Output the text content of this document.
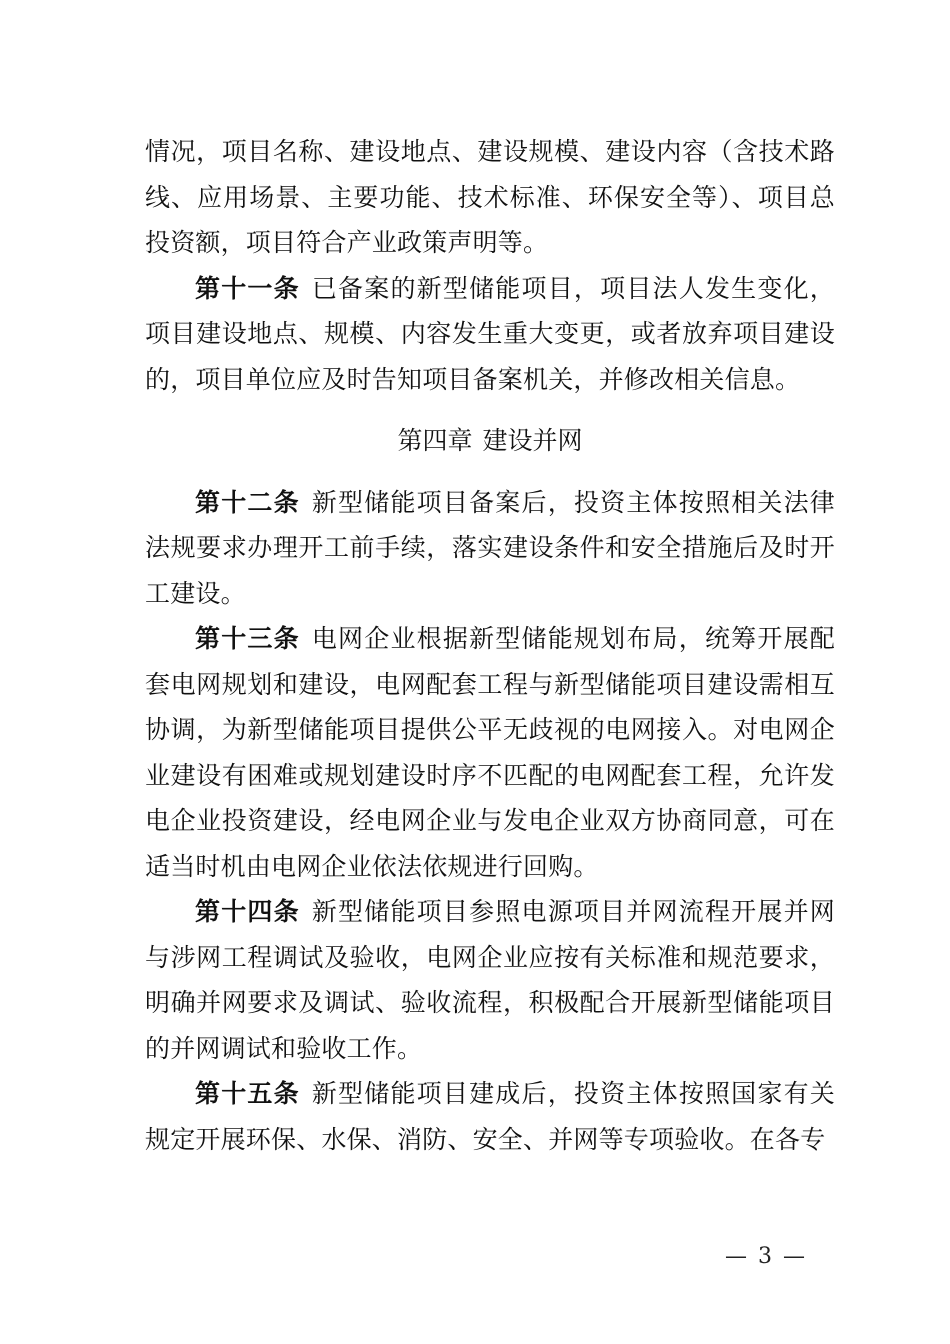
情况，项目名称、建设地点、建设规模、建设内容（含技术路线、应用场景、主要功能、技术标准、环保安全等）、项目总投资额，项目符合产业政策声明等。

第十一条 已备案的新型储能项目，项目法人发生变化，项目建设地点、规模、内容发生重大变更，或者放弃项目建设的，项目单位应及时告知项目备案机关，并修改相关信息。

第四章 建设并网

第十二条 新型储能项目备案后，投资主体按照相关法律法规要求办理开工前手续，落实建设条件和安全措施后及时开工建设。

第十三条 电网企业根据新型储能规划布局，统筹开展配套电网规划和建设，电网配套工程与新型储能项目建设需相互协调，为新型储能项目提供公平无歧视的电网接入。对电网企业建设有困难或规划建设时序不匹配的电网配套工程，允许发电企业投资建设，经电网企业与发电企业双方协商同意，可在适当时机由电网企业依法依规进行回购。

第十四条 新型储能项目参照电源项目并网流程开展并网与涉网工程调试及验收，电网企业应按有关标准和规范要求，明确并网要求及调试、验收流程，积极配合开展新型储能项目的并网调试和验收工作。

第十五条 新型储能项目建成后，投资主体按照国家有关规定开展环保、水保、消防、安全、并网等专项验收。在各专

— 3 —
